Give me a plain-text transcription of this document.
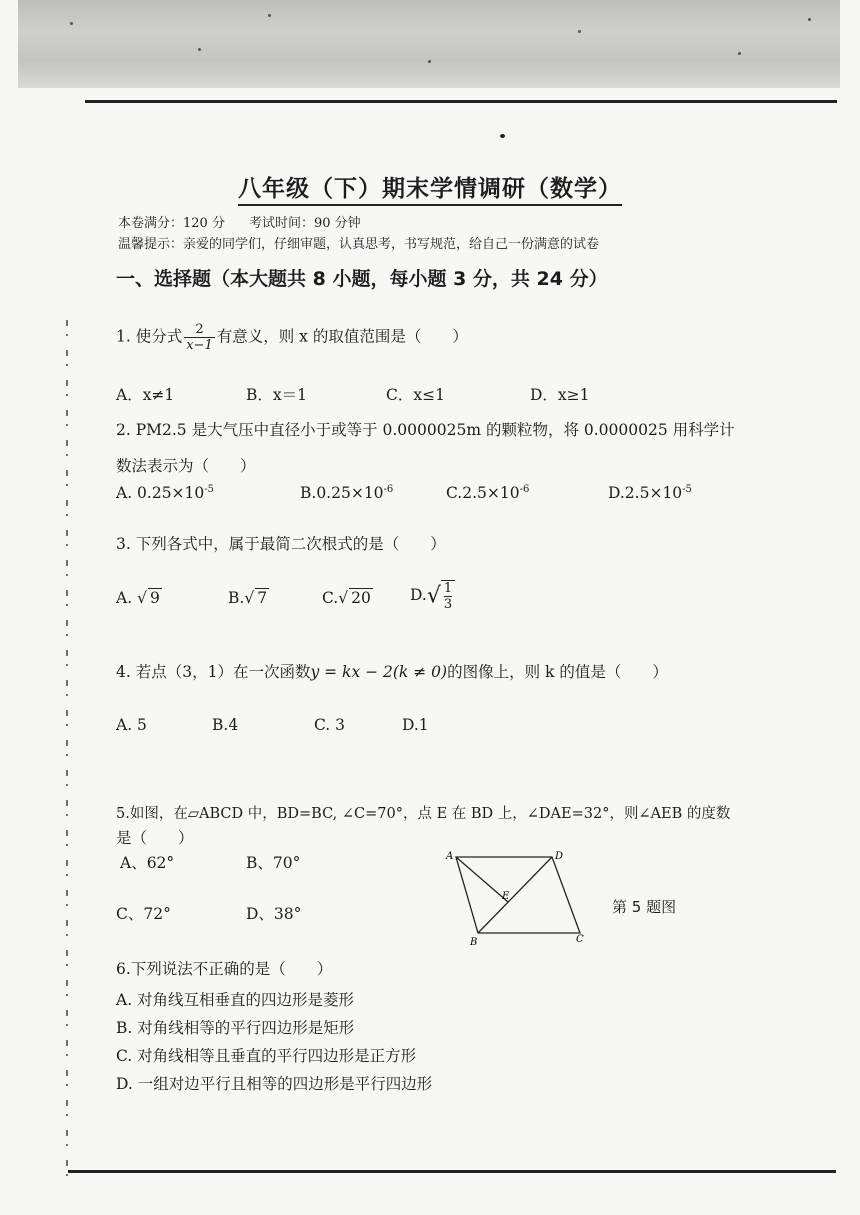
八年级（下）期末学情调研（数学）
本卷满分：120 分 考试时间：90 分钟
温馨提示：亲爱的同学们，仔细审题，认真思考，书写规范，给自己一份满意的试卷
一、选择题（本大题共 8 小题，每小题 3 分，共 24 分）
1. 使分式 $\frac{2}{x-1}$ 有意义，则 x 的取值范围是（　　）
A．x≠1	B．x＝1	C．x≤1	D．x≥1
2. PM2.5 是大气压中直径小于或等于 0.0000025m 的颗粒物，将 0.0000025 用科学计
数法表示为（　　）
A. $0.25\times 10^{-5}$	$B.0.25\times 10^{-6}$	$C.2.5\times 10^{-6}$	$D.2.5\times 10^{-5}$
3. 下列各式中，属于最简二次根式的是（　　）
A. √ 9	B.√ 7	C.√ 20	$D.√ \frac{1}{3}$
4. 若点（3，1）在一次函数y = kx − 2(k ≠ 0)的图像上，则 k 的值是（　　）
A. 5	B.4	C. 3	D.1
5.如图，在▱ABCD 中，BD=BC, ∠C=70°，点 E 在 BD 上，∠DAE=32°，则∠AEB 的度数
是（　　）
A、62°	B、70°
C、72°	D、38°
A	D
B	C
E
第 5 题图
6.下列说法不正确的是（　　）
A. 对角线互相垂直的四边形是菱形
B. 对角线相等的平行四边形是矩形
C. 对角线相等且垂直的平行四边形是正方形
D. 一组对边平行且相等的四边形是平行四边形
